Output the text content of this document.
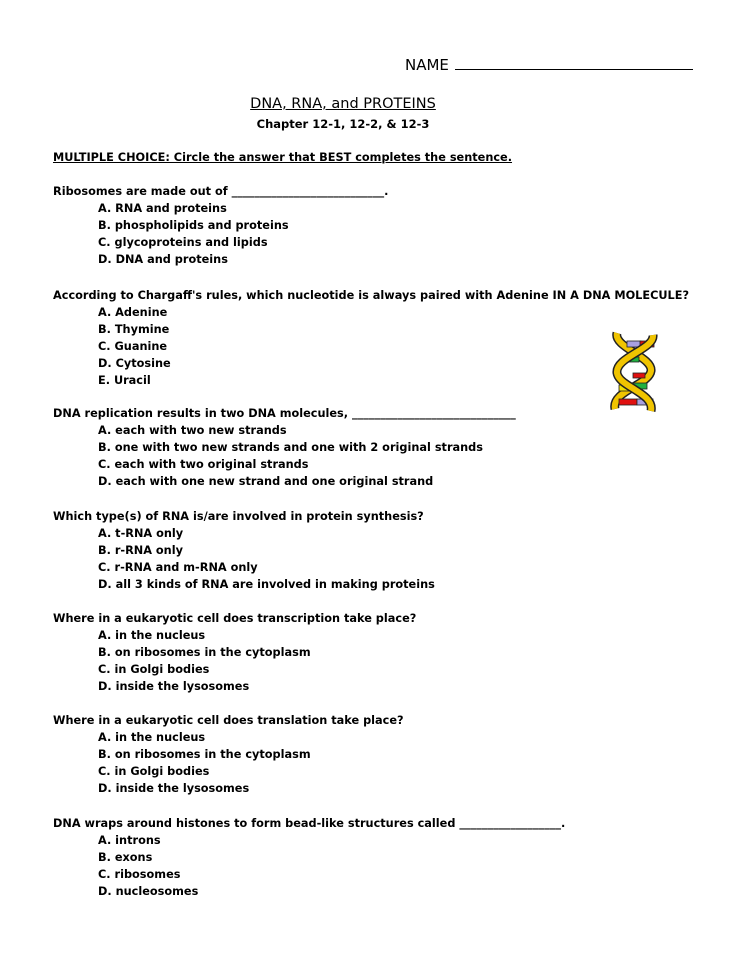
NAME
DNA, RNA, and PROTEINS
Chapter 12-1, 12-2, & 12-3
MULTIPLE CHOICE: Circle the answer that BEST completes the sentence.
Ribosomes are made out of ___________________________.
A. RNA and proteins
B. phospholipids and proteins
C. glycoproteins and lipids
D. DNA and proteins
According to Chargaff's rules, which nucleotide is always paired with Adenine IN A DNA MOLECULE?
A. Adenine
B. Thymine
C. Guanine
D. Cytosine
E. Uracil
DNA replication results in two DNA molecules, _____________________________
A. each with two new strands
B. one with two new strands and one with 2 original strands
C. each with two original strands
D. each with one new strand and one original strand
Which type(s) of RNA is/are involved in protein synthesis?
A. t-RNA only
B. r-RNA only
C. r-RNA and m-RNA only
D. all 3 kinds of RNA are involved in making proteins
Where in a eukaryotic cell does transcription take place?
A. in the nucleus
B. on ribosomes in the cytoplasm
C. in Golgi bodies
D. inside the lysosomes
Where in a eukaryotic cell does translation take place?
A. in the nucleus
B. on ribosomes in the cytoplasm
C. in Golgi bodies
D. inside the lysosomes
DNA wraps around histones to form bead-like structures called __________________.
A. introns
B. exons
C. ribosomes
D. nucleosomes
